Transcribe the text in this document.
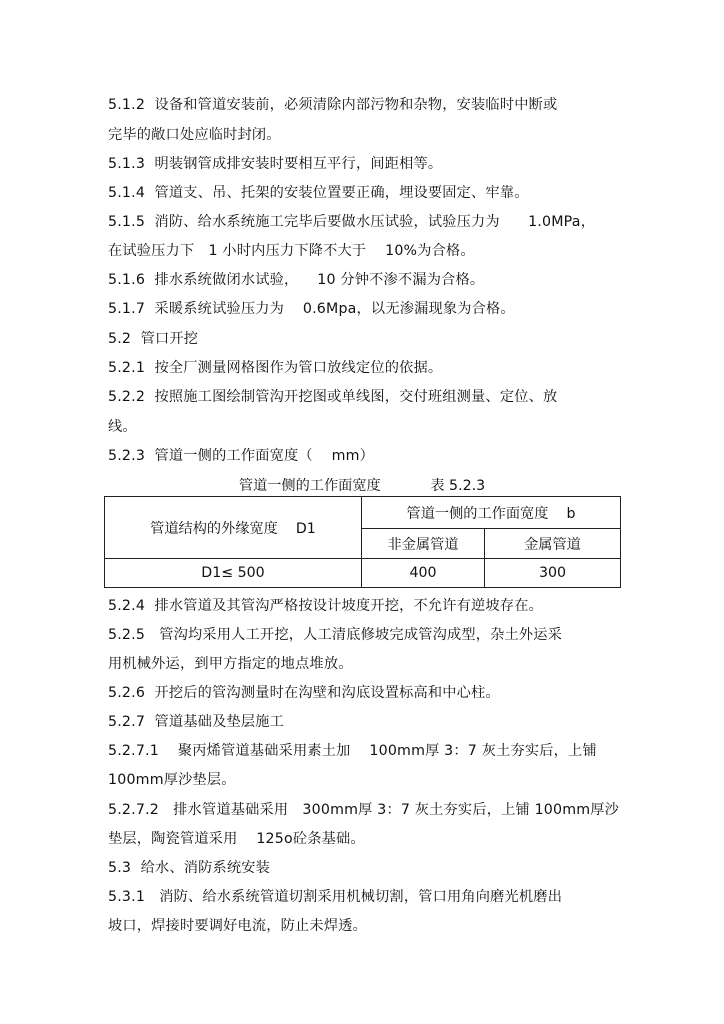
5.1.2  设备和管道安装前，必须清除内部污物和杂物，安装临时中断或
完毕的敞口处应临时封闭。
5.1.3  明装钢管成排安装时要相互平行，间距相等。
5.1.4  管道支、吊、托架的安装位置要正确，埋设要固定、牢靠。
5.1.5  消防、给水系统施工完毕后要做水压试验，试验压力为      1.0MPa，
在试验压力下   1 小时内压力下降不大于    10%为合格。
5.1.6  排水系统做闭水试验，    10 分钟不渗不漏为合格。
5.1.7  采暖系统试验压力为    0.6Mpa，以无渗漏现象为合格。
5.2  管口开挖
5.2.1  按全厂测量网格图作为管口放线定位的依据。
5.2.2  按照施工图绘制管沟开挖图或单线图，交付班组测量、定位、放
线。
5.2.3  管道一侧的工作面宽度（    mm）
管道一侧的工作面宽度           表 5.2.3
管道结构的外缘宽度    D1	管道一侧的工作面宽度    b	
	非金属管道	金属管道
D1≤ 500	400	300
5.2.4  排水管道及其管沟严格按设计坡度开挖，不允许有逆坡存在。
5.2.5   管沟均采用人工开挖，人工清底修坡完成管沟成型，杂土外运采
用机械外运，到甲方指定的地点堆放。
5.2.6  开挖后的管沟测量时在沟壁和沟底设置标高和中心柱。
5.2.7  管道基础及垫层施工
5.2.7.1    聚丙烯管道基础采用素土加    100mm厚 3：7 灰土夯实后，上铺
100mm厚沙垫层。
5.2.7.2   排水管道基础采用   300mm厚 3：7 灰土夯实后，上铺 100mm厚沙
垫层，陶瓷管道采用    125o砼条基础。
5.3  给水、消防系统安装
5.3.1   消防、给水系统管道切割采用机械切割，管口用角向磨光机磨出
坡口，焊接时要调好电流，防止未焊透。
